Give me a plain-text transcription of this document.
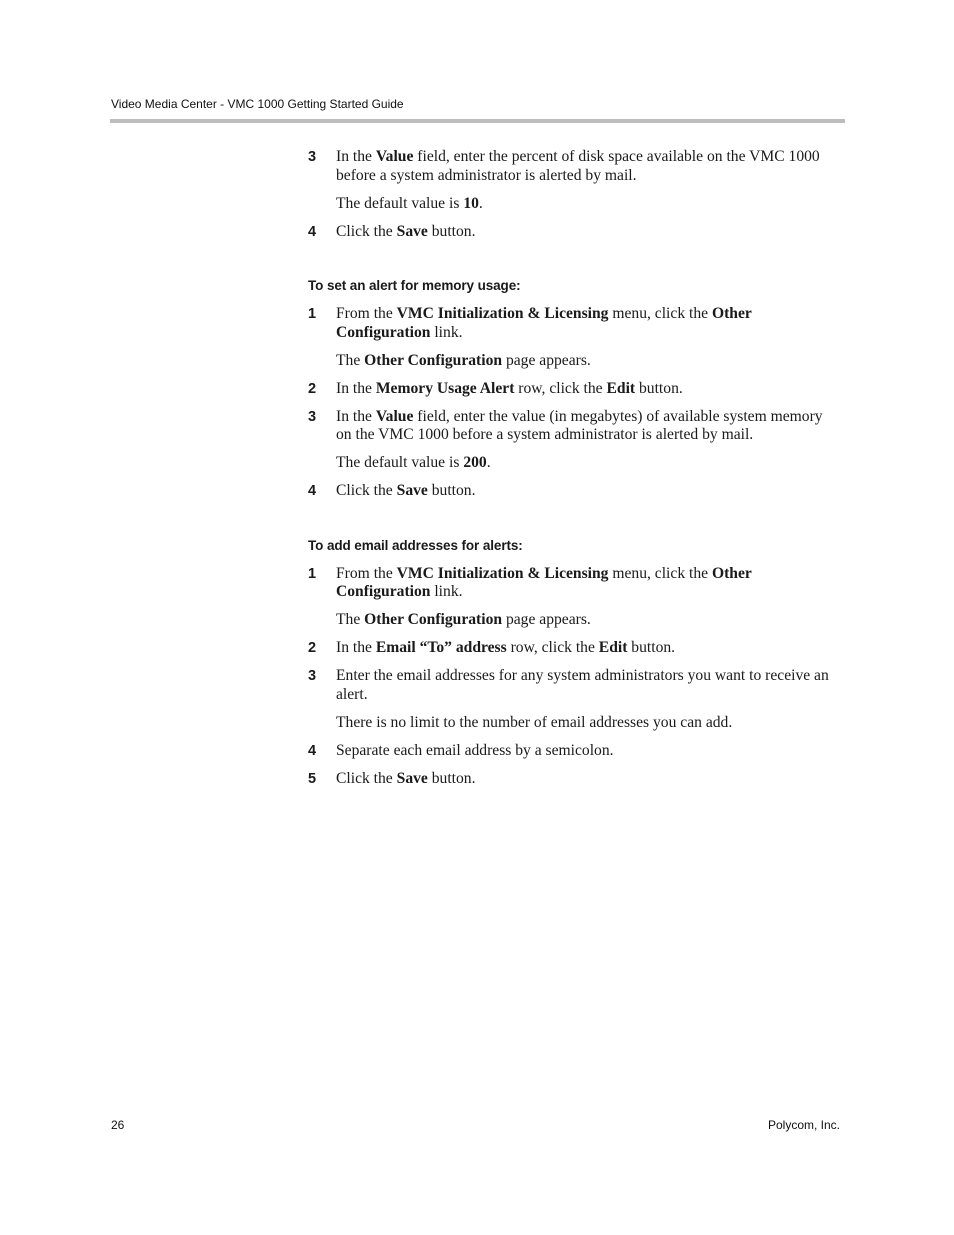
Video Media Center - VMC 1000 Getting Started Guide
3 In the Value field, enter the percent of disk space available on the VMC 1000 before a system administrator is alerted by mail.
The default value is 10.
4 Click the Save button.
To set an alert for memory usage:
1 From the VMC Initialization & Licensing menu, click the Other Configuration link.
The Other Configuration page appears.
2 In the Memory Usage Alert row, click the Edit button.
3 In the Value field, enter the value (in megabytes) of available system memory on the VMC 1000 before a system administrator is alerted by mail.
The default value is 200.
4 Click the Save button.
To add email addresses for alerts:
1 From the VMC Initialization & Licensing menu, click the Other Configuration link.
The Other Configuration page appears.
2 In the Email “To” address row, click the Edit button.
3 Enter the email addresses for any system administrators you want to receive an alert.
There is no limit to the number of email addresses you can add.
4 Separate each email address by a semicolon.
5 Click the Save button.
26	Polycom, Inc.
